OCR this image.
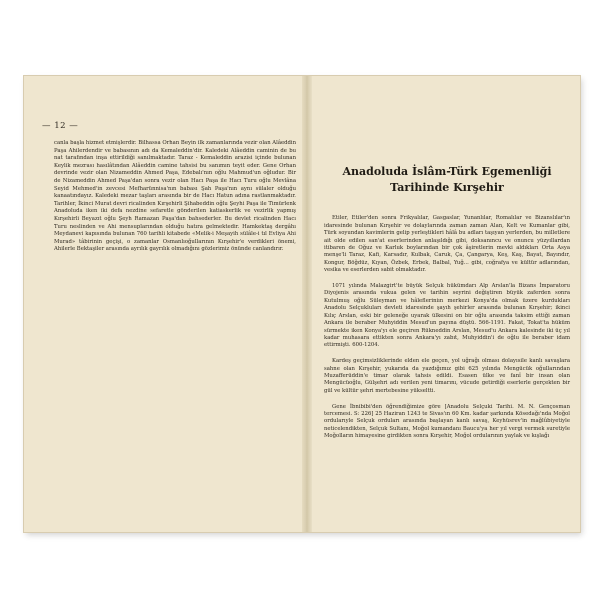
— 12 —
canla başla hizmet etmişlerdir. Bilhassa Orhan Beyin ilk zamanlarında vezir olan Alâeddin Paşa Ahilerdendir ve babasının adı da Kemaleddin'dir. Kaledeki Alâeddin caminin de bu nat tarafından inşa ettirildiği sanılmaktadır. Taraz - Kemaleddin arazisi içinde bulunan Keylik mezrası hasılâtından Alâeddin camine tahsisi bu sanımın teyit eder. Gene Orhan devrinde vezir olan Nizameddin Ahmed Paşa, Edebalı'nın oğlu Mahmud'un oğludur. Bir de Nizameddin Ahmed Paşa'dan sonra vezir olan Hacı Paşa ile Hacı Turu oğlu Mevlâna Seyid Mehmed'in zevcesi Mefharünnisa'nın babası Şah Paşa'nın aynı sülaler olduğu kanaatındayız. Kaledeki mezar taşları arasında bir de Hacı Hatun adına rastlanmaktadır. Tarihler, İkinci Murat devri ricalinden Kırşehirli Şihabeddin oğlu Şeyhi Paşa ile Timürlenk Anadoluda iken iki defa nezdine sefaretle gönderilen katiaskerlik ve vezirlik yapmış Kırşehirli Beyazıt oğlu Şeyh Ramazan Paşa'dan bahsederler. Bu devlet ricalinden Hacı Turu neslinden ve Ahi mensuplarından olduğu hatıra gelmektedir. Hamkektaş dergâhı Meydanevi kapısında bulunan 760 tarihli kitabede «Melik-i Meşayih sülâle-i tıl Evliya Ahi Murad» tâbirinin geçişi, o zamanlar Osmanlıoğullarının Kırşehir'e verdikleri önemi, Ahilerle Bektaşiler arasında ayrılık gayrılık olmadığını gözlerimiz önünde canlandırır.
Anadoluda İslâm-Türk Egemenliği
Tarihinde Kırşehir

Etiler, Etiler'den sonra Frikyalılar, Gasgaslar, Yunanlılar, Romalılar ve Bizanslılar'ın idaresinde bulunan Kırşehir ve dolaylarında zaman zaman Alan, Kelt ve Kumanlar gibi, Türk soyundan kavimlerin gelip yerleştikleri hâlâ bu adları taşıyan yerlerden, bu milletlere ait olde edilen san'at eserlerinden anlaşıldığı gibi, doksanıncu ve onuncu yüzyıllardan itibaren de Oğuz ve Karluk boylarından bir çok âşiretlerin mevki aldıkları Orta Asya menşe'li Taraz, Kafi, Karsadır, Kulbak, Caruk, Ça, Çangarya, Keş, Kaş, Bayat, Bayındır, Kongur, Böğdüz, Kıyan, Özbek, Erbek, Balbal, Yuğ... gibi, coğrafya ve kültür adlarından, vesika ve eserlerden sabit olmaktadır.

1071 yılında Malazgirt'te büyük Selçuk hükümdarı Alp Arslan'la Bizans İmparatoru Diyojenis arasında vukua gelen ve tarihin seyrini değiştiren büyük zaferden sonra Kutulmuş oğlu Süleyman ve hâlefleriniın merkezi Konya'da olmak üzere kurdukları Anadolu Selçukluları devleti idaresinde şayıh şehirler arasında bulunan Kırşehir; ikinci Kılıç Arslan, eski bir geleneğe uyarak ülkesini on bir oğlu arasında taksim ettiği zaman Ankara ile beraber Muhyiddin Mesud'un payına düştü. 566-1191. Fakat, Tokat'ta hüküm sürmekte iken Konya'yı ele geçiren Rükneddin Arslan, Mesud'u Ankara kalesinde iki üç yıl kadar muhasara ettikten sonra Ankara'yı zabıt, Muhyiddin'i de oğlu ile beraber idam ettirmişti. 600-1204.

Kardeş geçimsizliklerinde elden ele geçen, yol uğrağı olması dolayısile kanlı savaşlara sahne olan Kırşehir, yukarıda da yazdığımız gibi 625 yılında Mengücük oğullarından Muzafferüddin'e timar olarak tahsis edildi. Esasen ülke ve fanî bir insan olan Mengücüoğlu, Gülşehri adı verilen yeni timarını, vücude getirdiği eserlerle gerçekten bir gül ve kültür şehri mertebesine yükseltti.

Gene İbnibibi'den öğrendiğimize göre [Anadolu Selçuki Tarihi. M. N. Gençosman tercemesi. S: 226] 25 Haziran 1243 te Sivas'ın 60 Km. kadar şarkında Kösedağı'nda Moğol ordularıyle Selçuk orduları arasında başlayan kanlı savaş, Keyhüsrev'in mağlûbiyetiyle neticelendikten, Selçuk Sultanı, Moğol kumandanı Baucu'ya her yıl vergi vermek suretiyle Moğolların himayesine girdikten sonra Kırşehir, Moğol ordularının yaylak ve kışlağı
